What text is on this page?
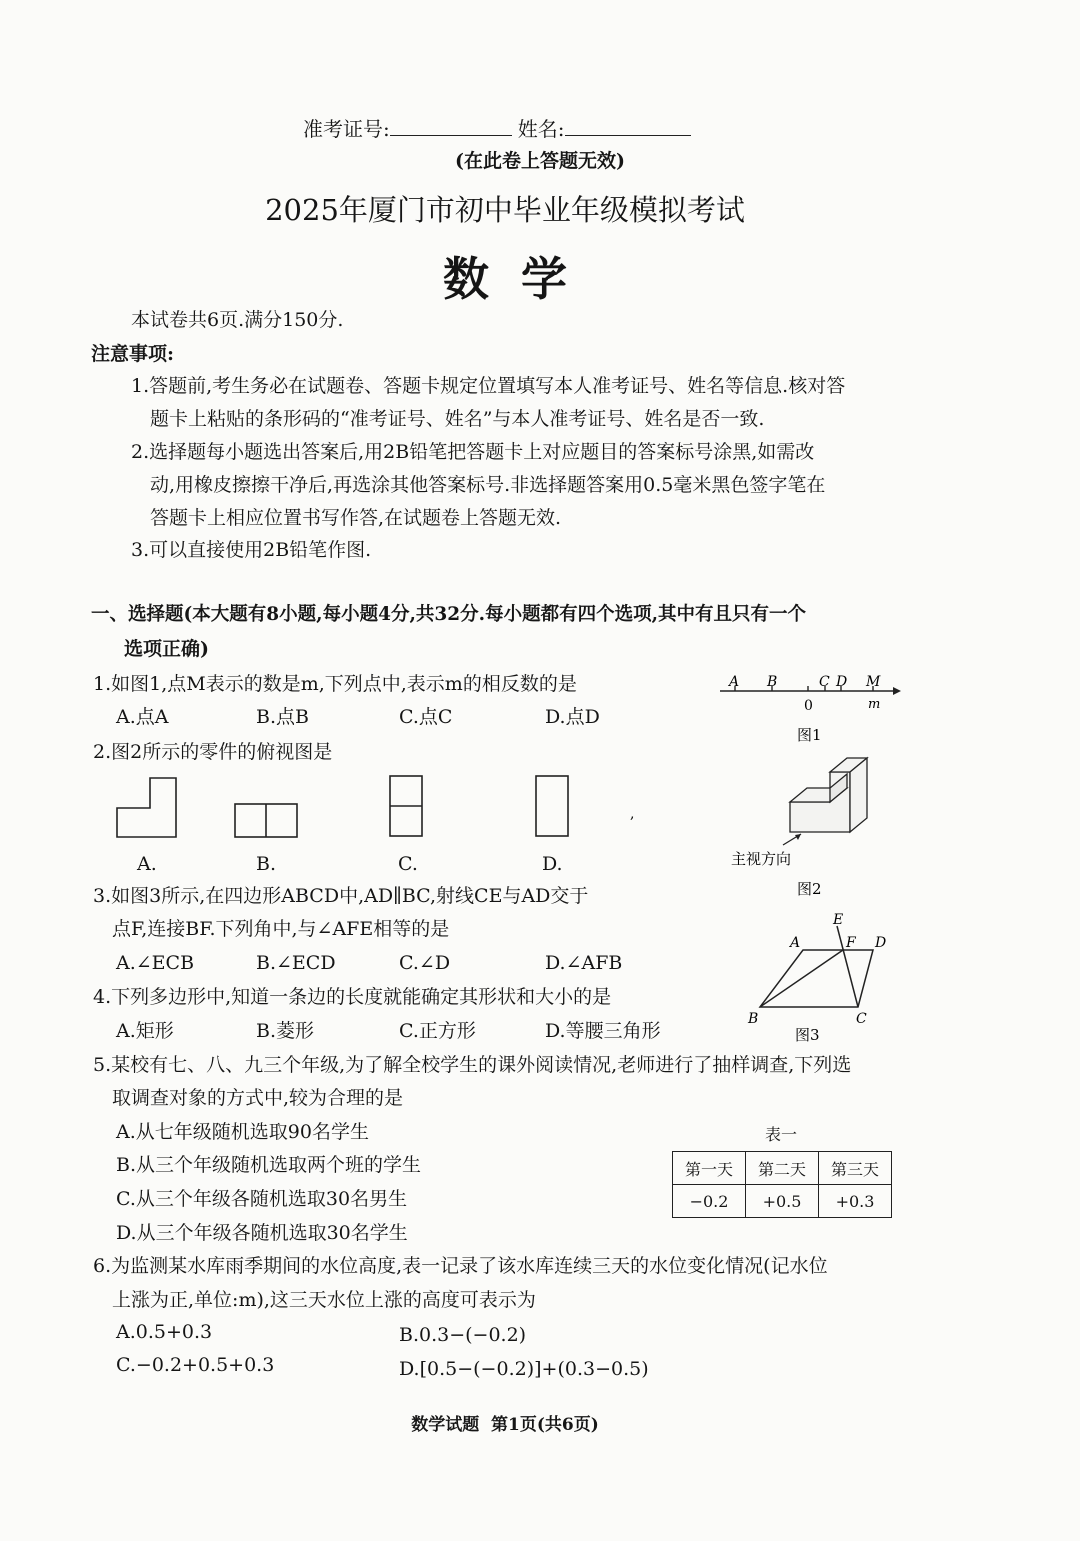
准考证号:	姓名:
(在此卷上答题无效)
2025年厦门市初中毕业年级模拟考试
数  学
本试卷共6页.满分150分.
注意事项:
1.答题前,考生务必在试题卷、答题卡规定位置填写本人准考证号、姓名等信息.核对答
题卡上粘贴的条形码的“准考证号、姓名”与本人准考证号、姓名是否一致.
2.选择题每小题选出答案后,用2B铅笔把答题卡上对应题目的答案标号涂黑,如需改
动,用橡皮擦擦干净后,再选涂其他答案标号.非选择题答案用0.5毫米黑色签字笔在
答题卡上相应位置书写作答,在试题卷上答题无效.
3.可以直接使用2B铅笔作图.
一、选择题(本大题有8小题,每小题4分,共32分.每小题都有四个选项,其中有且只有一个
选项正确)
1.如图1,点M表示的数是m,下列点中,表示m的相反数的是
A.点A	B.点B	C.点C	D.点D
A B	C D M
0	m
图1
2.图2所示的零件的俯视图是
,
A.	B.	C.	D.	主视方向
图2
3.如图3所示,在四边形ABCD中,AD∥BC,射线CE与AD交于
点F,连接BF.下列角中,与∠AFE相等的是
A.∠ECB	B.∠ECD	C.∠D	D.∠AFB
E
A	F D
B	C
图3
4.下列多边形中,知道一条边的长度就能确定其形状和大小的是
A.矩形	B.菱形	C.正方形	D.等腰三角形
5.某校有七、八、九三个年级,为了解全校学生的课外阅读情况,老师进行了抽样调查,下列选
取调查对象的方式中,较为合理的是
A.从七年级随机选取90名学生
B.从三个年级随机选取两个班的学生
C.从三个年级各随机选取30名男生
D.从三个年级各随机选取30名学生
表一
第一天	第二天	第三天
−0.2	+0.5	+0.3
6.为监测某水库雨季期间的水位高度,表一记录了该水库连续三天的水位变化情况(记水位
上涨为正,单位:m),这三天水位上涨的高度可表示为
A.0.5+0.3	B.0.3−(−0.2)
C.−0.2+0.5+0.3	D.[0.5−(−0.2)]+(0.3−0.5)
数学试题  第1页(共6页)
